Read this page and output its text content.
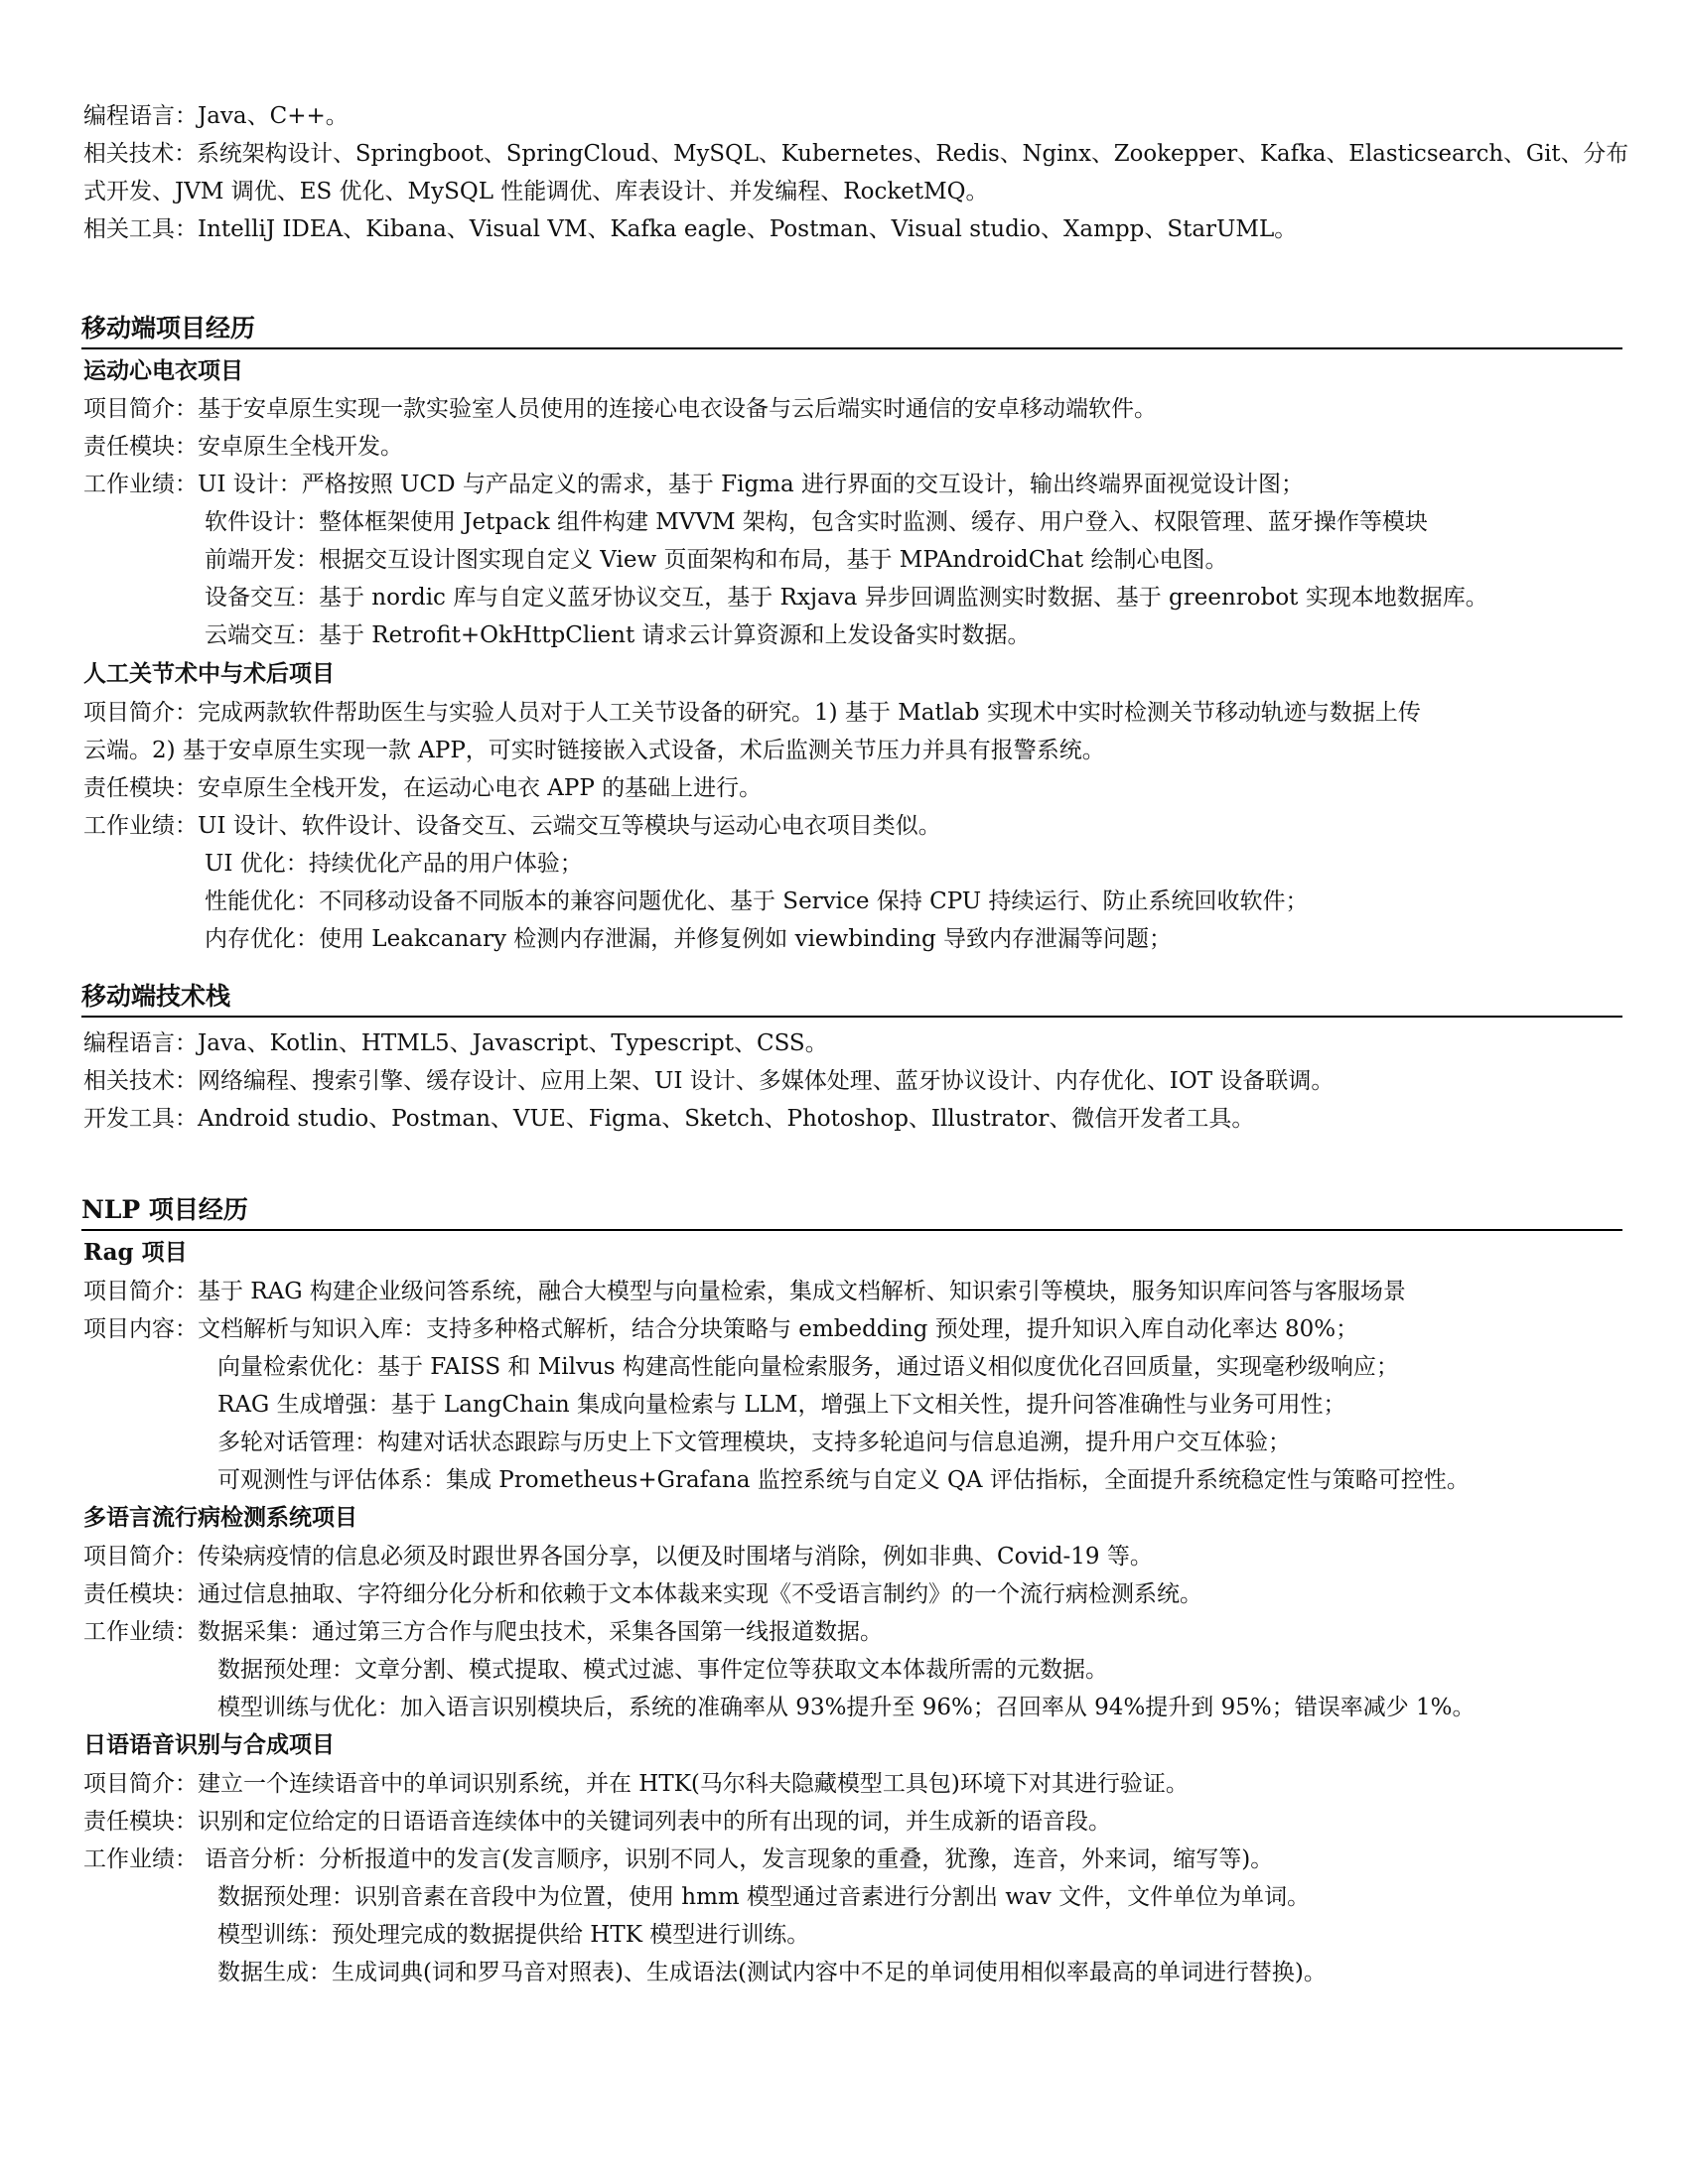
编程语言：Java、C++。
相关技术：系统架构设计、Springboot、SpringCloud、MySQL、Kubernetes、Redis、Nginx、Zookepper、Kafka、Elasticsearch、Git、分布
式开发、JVM 调优、ES 优化、MySQL 性能调优、库表设计、并发编程、RocketMQ。
相关工具：IntelliJ IDEA、Kibana、Visual VM、Kafka eagle、Postman、Visual studio、Xampp、StarUML。
移动端项目经历
运动心电衣项目
项目简介：基于安卓原生实现一款实验室人员使用的连接心电衣设备与云后端实时通信的安卓移动端软件。
责任模块：安卓原生全栈开发。
工作业绩：UI 设计：严格按照 UCD 与产品定义的需求，基于 Figma 进行界面的交互设计，输出终端界面视觉设计图；
软件设计：整体框架使用 Jetpack 组件构建 MVVM 架构，包含实时监测、缓存、用户登入、权限管理、蓝牙操作等模块
前端开发：根据交互设计图实现自定义 View 页面架构和布局，基于 MPAndroidChat 绘制心电图。
设备交互：基于 nordic 库与自定义蓝牙协议交互，基于 Rxjava 异步回调监测实时数据、基于 greenrobot 实现本地数据库。
云端交互：基于 Retrofit+OkHttpClient 请求云计算资源和上发设备实时数据。
人工关节术中与术后项目
项目简介：完成两款软件帮助医生与实验人员对于人工关节设备的研究。1) 基于 Matlab 实现术中实时检测关节移动轨迹与数据上传
云端。2) 基于安卓原生实现一款 APP，可实时链接嵌入式设备，术后监测关节压力并具有报警系统。
责任模块：安卓原生全栈开发，在运动心电衣 APP 的基础上进行。
工作业绩：UI 设计、软件设计、设备交互、云端交互等模块与运动心电衣项目类似。
UI 优化：持续优化产品的用户体验；
性能优化：不同移动设备不同版本的兼容问题优化、基于 Service 保持 CPU 持续运行、防止系统回收软件；
内存优化：使用 Leakcanary 检测内存泄漏，并修复例如 viewbinding 导致内存泄漏等问题；
移动端技术栈
编程语言：Java、Kotlin、HTML5、Javascript、Typescript、CSS。
相关技术：网络编程、搜索引擎、缓存设计、应用上架、UI 设计、多媒体处理、蓝牙协议设计、内存优化、IOT 设备联调。
开发工具：Android studio、Postman、VUE、Figma、Sketch、Photoshop、Illustrator、微信开发者工具。
NLP 项目经历
Rag 项目
项目简介：基于 RAG 构建企业级问答系统，融合大模型与向量检索，集成文档解析、知识索引等模块，服务知识库问答与客服场景
项目内容：文档解析与知识入库：支持多种格式解析，结合分块策略与 embedding 预处理，提升知识入库自动化率达 80%；
向量检索优化：基于 FAISS 和 Milvus 构建高性能向量检索服务，通过语义相似度优化召回质量，实现毫秒级响应；
RAG 生成增强：基于 LangChain 集成向量检索与 LLM，增强上下文相关性，提升问答准确性与业务可用性；
多轮对话管理：构建对话状态跟踪与历史上下文管理模块，支持多轮追问与信息追溯，提升用户交互体验；
可观测性与评估体系：集成 Prometheus+Grafana 监控系统与自定义 QA 评估指标，全面提升系统稳定性与策略可控性。
多语言流行病检测系统项目
项目简介：传染病疫情的信息必须及时跟世界各国分享，以便及时围堵与消除，例如非典、Covid-19 等。
责任模块：通过信息抽取、字符细分化分析和依赖于文本体裁来实现《不受语言制约》的一个流行病检测系统。
工作业绩：数据采集：通过第三方合作与爬虫技术，采集各国第一线报道数据。
数据预处理：文章分割、模式提取、模式过滤、事件定位等获取文本体裁所需的元数据。
模型训练与优化：加入语言识别模块后，系统的准确率从 93%提升至 96%；召回率从 94%提升到 95%；错误率减少 1%。
日语语音识别与合成项目
项目简介：建立一个连续语音中的单词识别系统，并在 HTK(马尔科夫隐藏模型工具包)环境下对其进行验证。
责任模块：识别和定位给定的日语语音连续体中的关键词列表中的所有出现的词，并生成新的语音段。
工作业绩： 语音分析：分析报道中的发言(发言顺序，识别不同人，发言现象的重叠，犹豫，连音，外来词，缩写等)。
数据预处理：识别音素在音段中为位置，使用 hmm 模型通过音素进行分割出 wav 文件，文件单位为单词。
模型训练：预处理完成的数据提供给 HTK 模型进行训练。
数据生成：生成词典(词和罗马音对照表)、生成语法(测试内容中不足的单词使用相似率最高的单词进行替换)。
